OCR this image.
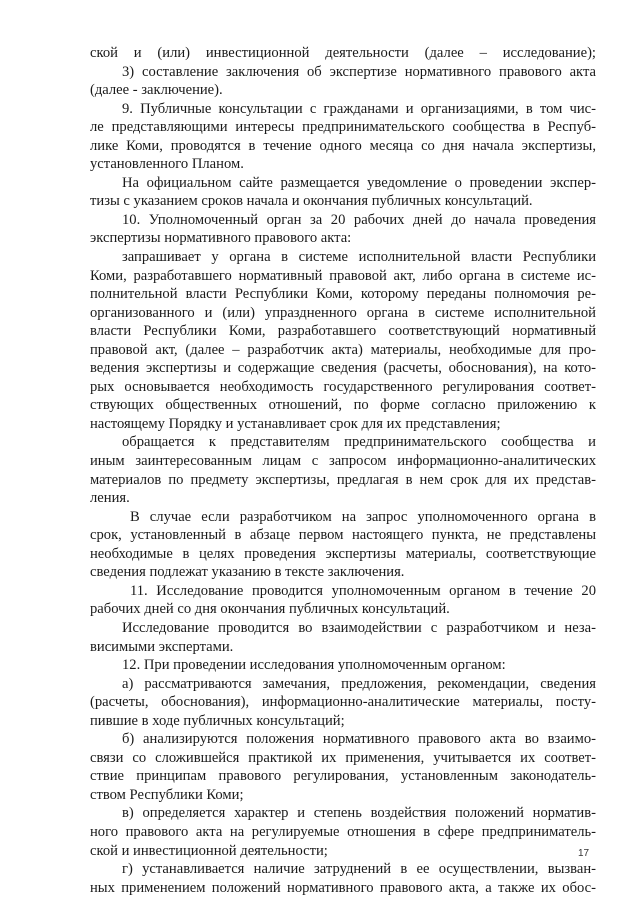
ской и (или) инвестиционной деятельности (далее – исследование);
3) составление заключения об экспертизе нормативного правового акта
(далее - заключение).
9. Публичные консультации с гражданами и организациями, в том чис-
ле представляющими интересы предпринимательского сообщества в Респуб-
лике Коми, проводятся в течение одного месяца со дня начала экспертизы,
установленного Планом.
На официальном сайте размещается уведомление о проведении экспер-
тизы с указанием сроков начала и окончания публичных консультаций.
10. Уполномоченный орган за 20 рабочих дней до начала проведения
экспертизы нормативного правового акта:
запрашивает у органа в системе исполнительной власти Республики
Коми, разработавшего нормативный правовой акт, либо органа в системе ис-
полнительной власти Республики Коми, которому переданы полномочия ре-
организованного и (или) упраздненного органа в системе исполнительной
власти Республики Коми, разработавшего соответствующий нормативный
правовой акт, (далее – разработчик акта) материалы, необходимые для про-
ведения экспертизы и содержащие сведения (расчеты, обоснования), на кото-
рых основывается необходимость государственного регулирования соответ-
ствующих общественных отношений, по форме согласно приложению к
настоящему Порядку и устанавливает срок для их представления;
обращается к представителям предпринимательского сообщества и
иным заинтересованным лицам с запросом информационно-аналитических
материалов по предмету экспертизы, предлагая в нем срок для их представ-
ления.
В случае если разработчиком на запрос уполномоченного органа в
срок, установленный в абзаце первом настоящего пункта, не представлены
необходимые в целях проведения экспертизы материалы, соответствующие
сведения подлежат указанию в тексте заключения.
11. Исследование проводится уполномоченным органом в течение 20
рабочих дней со дня окончания публичных консультаций.
Исследование проводится во взаимодействии с разработчиком и неза-
висимыми экспертами.
12. При проведении исследования уполномоченным органом:
а) рассматриваются замечания, предложения, рекомендации, сведения
(расчеты, обоснования), информационно-аналитические материалы, посту-
пившие в ходе публичных консультаций;
б) анализируются положения нормативного правового акта во взаимо-
связи со сложившейся практикой их применения, учитывается их соответ-
ствие принципам правового регулирования, установленным законодатель-
ством Республики Коми;
в) определяется характер и степень воздействия положений норматив-
ного правового акта на регулируемые отношения в сфере предприниматель-
ской и инвестиционной деятельности;
г) устанавливается наличие затруднений в ее осуществлении, вызван-
ных применением положений нормативного правового акта, а также их обос-
17
